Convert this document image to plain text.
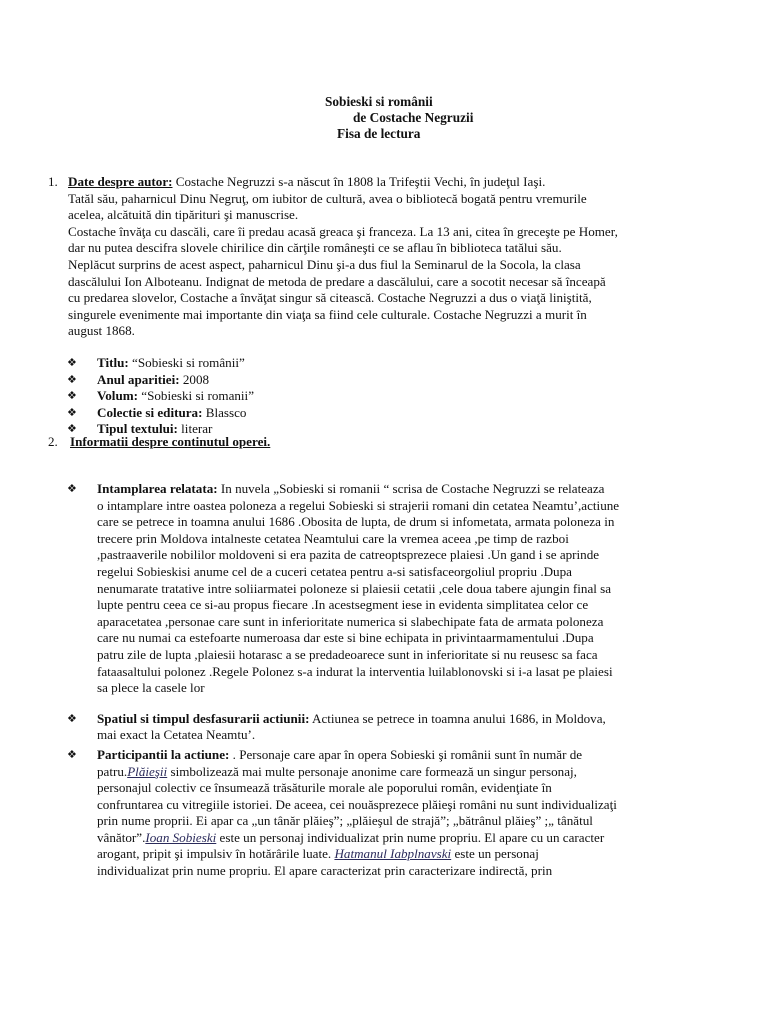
Sobieski si românii
de Costache Negruzii
Fisa de lectura
1. Date despre autor: Costache Negruzzi s-a născut în 1808 la Trifeştii Vechi, în judeţul Iaşi.
Tatăl său, paharnicul Dinu Negruţ, om iubitor de cultură, avea o bibliotecă bogată pentru vremurile
acelea, alcătuită din tipărituri şi manuscrise.
Costache învăţa cu dascăli, care îi predau acasă greaca şi franceza. La 13 ani, citea în greceşte pe Homer,
dar nu putea descifra slovele chirilice din cărţile româneşti ce se aflau în biblioteca tatălui său.
Neplăcut surprins de acest aspect, paharnicul Dinu şi-a dus fiul la Seminarul de la Socola, la clasa
dascălului Ion Alboteanu. Indignat de metoda de predare a dascălului, care a socotit necesar să înceapă
cu predarea slovelor, Costache a învăţat singur să citească. Costache Negruzzi a dus o viaţă liniştită,
singurele evenimente mai importante din viaţa sa fiind cele culturale. Costache Negruzzi a murit în
august 1868.
❖	Titlu: “Sobieski si românii”
❖	Anul aparitiei: 2008
❖	Volum: “Sobieski si romanii”
❖	Colectie si editura: Blassco
❖	Tipul textului: literar
2. Informatii despre continutul operei.
❖	Intamplarea relatata: In nuvela „Sobieski si romanii “ scrisa de Costache Negruzzi se relateaza
o intamplare intre oastea poloneza a regelui Sobieski si strajerii romani din cetatea Neamtu’,actiune
care se petrece in toamna anului 1686 .Obosita de lupta, de drum si infometata, armata poloneza in
trecere prin Moldova intalneste cetatea Neamtului care la vremea aceea ,pe timp de razboi
,pastraaverile nobililor moldoveni si era pazita de catreoptsprezece plaiesi .Un gand i se aprinde
regelui Sobieskisi anume cel de a cuceri cetatea pentru a-si satisfaceorgoliul propriu .Dupa
nenumarate tratative intre soliiarmatei poloneze si plaiesii cetatii ,cele doua tabere ajungin final sa
lupte pentru ceea ce si-au propus fiecare .In acestsegment iese in evidenta simplitatea celor ce
aparacetatea ,personae care sunt in inferioritate numerica si slabechipate fata de armata poloneza
care nu numai ca estefoarte numeroasa dar este si bine echipata in privintaarmamentului .Dupa
patru zile de lupta ,plaiesii hotarasc a se predadeoarece sunt in inferioritate si nu reusesc sa faca
fataasaltului polonez .Regele Polonez s-a indurat la interventia luilablonovski si i-a lasat pe plaiesi
sa plece la casele lor
❖	Spatiul si timpul desfasurarii actiunii: Actiunea se petrece in toamna anului 1686, in Moldova,
mai exact la Cetatea Neamtu’.
❖	Participantii la actiune: . Personaje care apar în opera Sobieski şi românii sunt în număr de
patru.Plăieşii simbolizează mai multe personaje anonime care formează un singur personaj,
personajul colectiv ce însumează trăsăturile morale ale poporului român, evidenţiate în
confruntarea cu vitregiile istoriei. De aceea, cei nouăsprezece plăieşi români nu sunt individualizaţi
prin nume proprii. Ei apar ca „un tânăr plăieş”; „plăieşul de strajă”; „bătrânul plăieş” ;„ tânătul
vânător”.Ioan Sobieski este un personaj individualizat prin nume propriu. El apare cu un caracter
arogant, pripit şi impulsiv în hotărârile luate. Hatmanul Iabplnavski este un personaj
individualizat prin nume propriu. El apare caracterizat prin caracterizare indirectă, prin
